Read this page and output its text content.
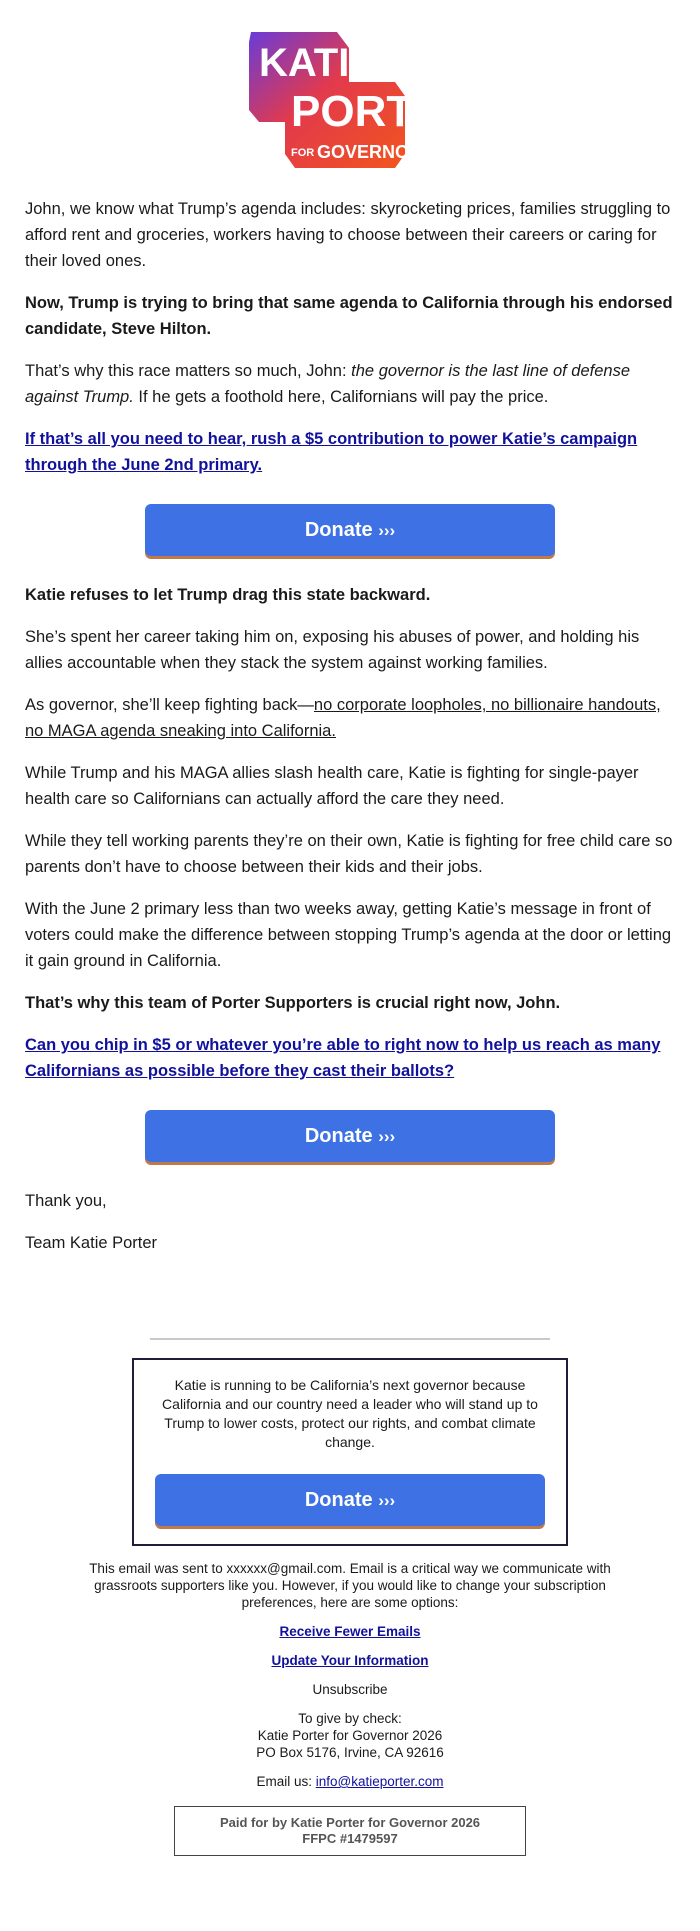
KATIE
PORTER
FOR GOVERNOR

John, we know what Trump’s agenda includes: skyrocketing prices, families struggling to afford rent and groceries, workers having to choose between their careers or caring for their loved ones.

Now, Trump is trying to bring that same agenda to California through his endorsed candidate, Steve Hilton.

That’s why this race matters so much, John: the governor is the last line of defense against Trump. If he gets a foothold here, Californians will pay the price.

If that’s all you need to hear, rush a $5 contribution to power Katie’s campaign through the June 2nd primary.

Donate ›››

Katie refuses to let Trump drag this state backward.

She’s spent her career taking him on, exposing his abuses of power, and holding his allies accountable when they stack the system against working families.

As governor, she’ll keep fighting back—no corporate loopholes, no billionaire handouts, no MAGA agenda sneaking into California.

While Trump and his MAGA allies slash health care, Katie is fighting for single-payer health care so Californians can actually afford the care they need.

While they tell working parents they’re on their own, Katie is fighting for free child care so parents don’t have to choose between their kids and their jobs.

With the June 2 primary less than two weeks away, getting Katie’s message in front of voters could make the difference between stopping Trump’s agenda at the door or letting it gain ground in California.

That’s why this team of Porter Supporters is crucial right now, John.

Can you chip in $5 or whatever you’re able to right now to help us reach as many Californians as possible before they cast their ballots?

Donate ›››

Thank you,

Team Katie Porter

Katie is running to be California’s next governor because California and our country need a leader who will stand up to Trump to lower costs, protect our rights, and combat climate change.

Donate ›››
This email was sent to xxxxxx@gmail.com. Email is a critical way we communicate with grassroots supporters like you. However, if you would like to change your subscription preferences, here are some options:
Receive Fewer Emails
Update Your Information
Unsubscribe
To give by check:
Katie Porter for Governor 2026
PO Box 5176, Irvine, CA 92616
Email us: info@katieporter.com
Paid for by Katie Porter for Governor 2026
FFPC #1479597
